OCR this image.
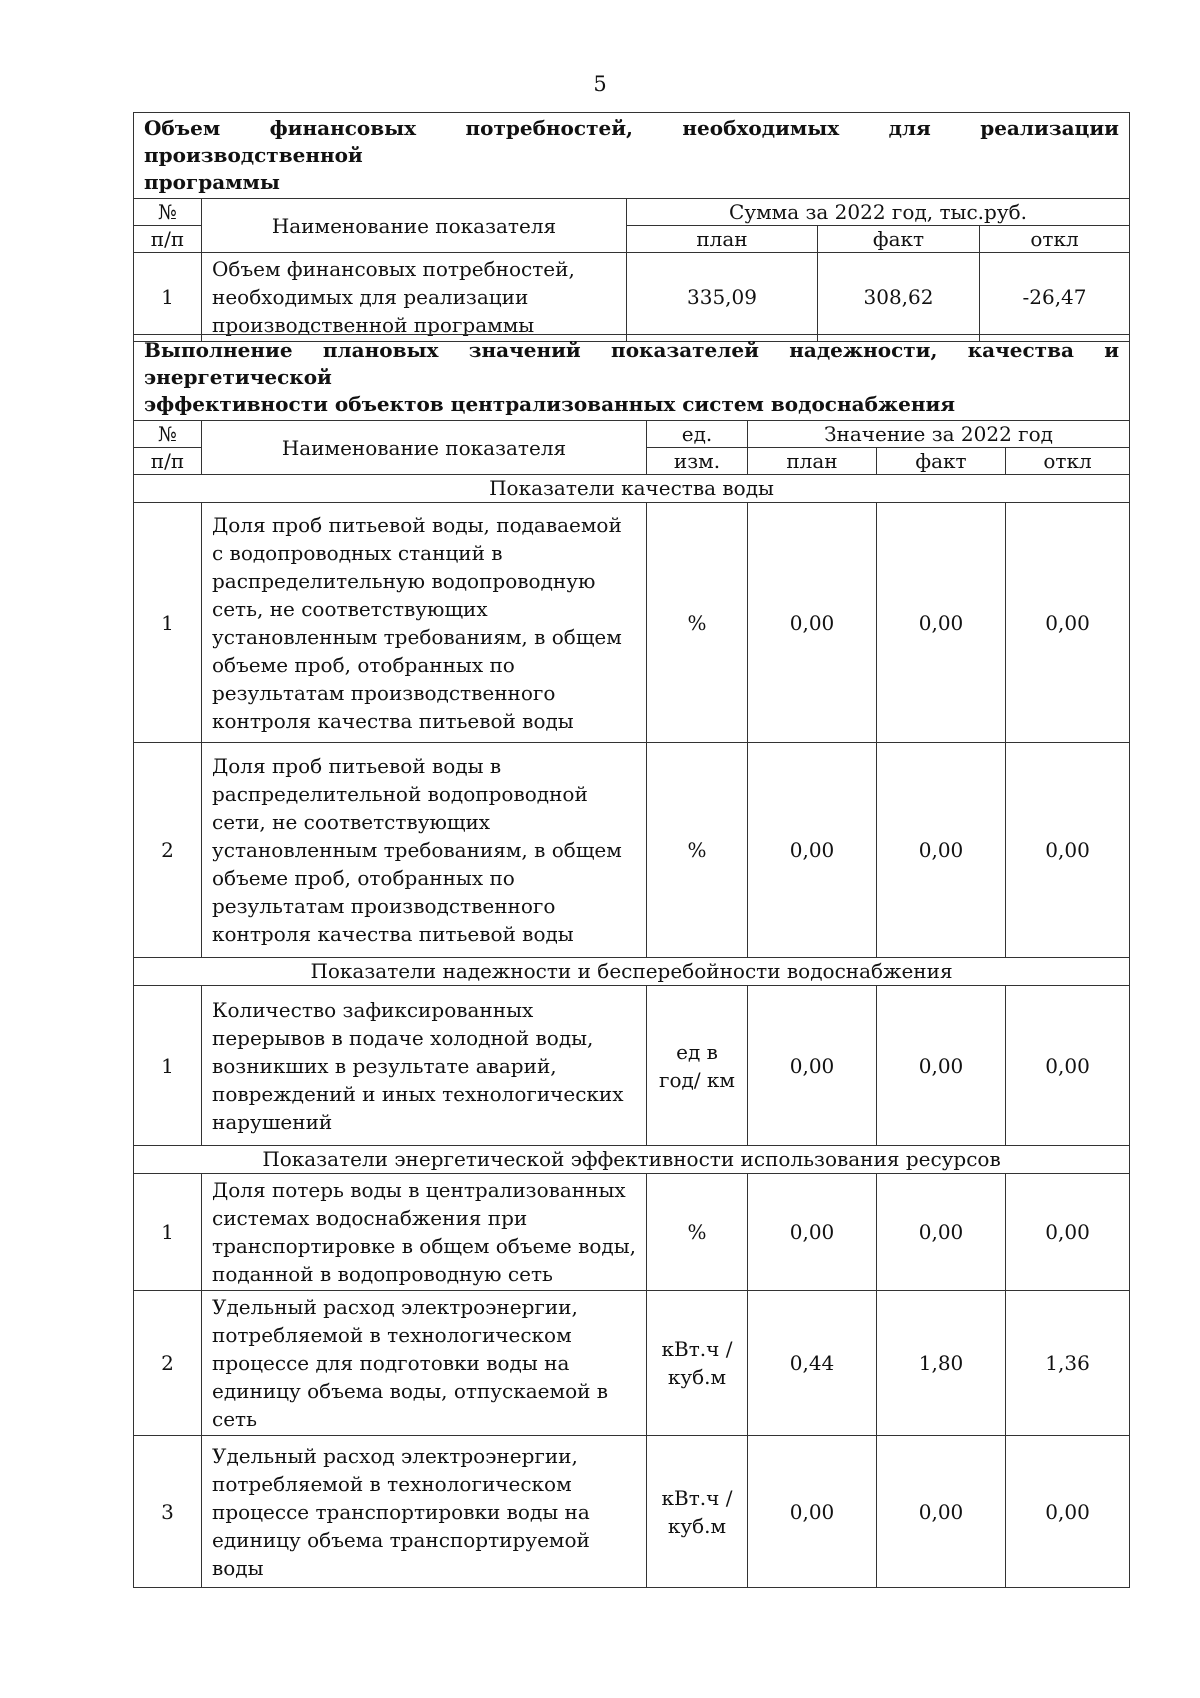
5
Объем финансовых потребностей, необходимых для реализации производственной
программы				

№	Наименование показателя	Сумма за 2022 год, тыс.руб.		
п/п		план	факт	откл
1	Объем финансовых потребностей, необходимых для реализации производственной программы	335,09	308,62	-26,47
Выполнение плановых значений показателей надежности, качества и энергетической
эффективности объектов централизованных систем водоснабжения					

№	Наименование показателя	ед.	Значение за 2022 год		
п/п		изм.	план	факт	откл
Показатели качества воды					
1	Доля проб питьевой воды, подаваемой с водопроводных станций в распределительную водопроводную сеть, не соответствующих установленным требованиям, в общем объеме проб, отобранных по результатам производственного контроля качества питьевой воды	%	0,00	0,00	0,00
2	Доля проб питьевой воды в распределительной водопроводной сети, не соответствующих установленным требованиям, в общем объеме проб, отобранных по результатам производственного контроля качества питьевой воды	%	0,00	0,00	0,00
Показатели надежности и бесперебойности водоснабжения					
1	Количество зафиксированных перерывов в подаче холодной воды, возникших в результате аварий, повреждений и иных технологических нарушений	ед в год/ км	0,00	0,00	0,00
Показатели энергетической эффективности использования ресурсов					
1	Доля потерь воды в централизованных системах водоснабжения при транспортировке в общем объеме воды, поданной в водопроводную сеть	%	0,00	0,00	0,00
2	Удельный расход электроэнергии, потребляемой в технологическом процессе для подготовки воды на единицу объема воды, отпускаемой в сеть	кВт.ч / куб.м	0,44	1,80	1,36
3	Удельный расход электроэнергии, потребляемой в технологическом процессе транспортировки воды на единицу объема транспортируемой воды	кВт.ч / куб.м	0,00	0,00	0,00
